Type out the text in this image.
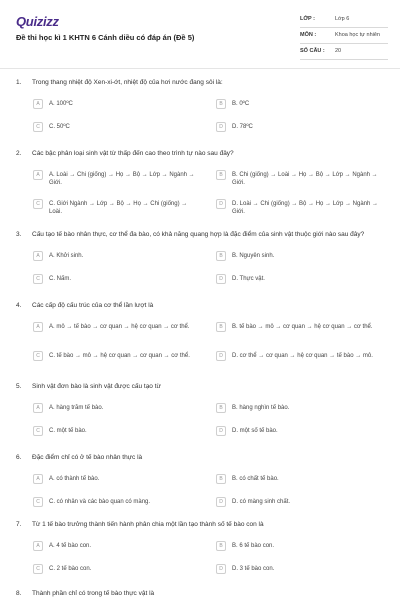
Quizizz
Đề thi học kì 1 KHTN 6 Cánh diều có đáp án (Đề 5)
LỚP :	Lớp 6
MÔN :	Khoa học tự nhiên
SỐ CÂU : 20
1. Trong thang nhiệt độ Xen-xi-ớt, nhiệt độ của hơi nước đang sôi là:
A	A. 100ºC	B	B. 0ºC
C	C. 50ºC	D	D. 78ºC
2. Các bậc phân loại sinh vật từ thấp đến cao theo trình tự nào sau đây?
A	A. Loài → Chi (giống) → Họ → Bộ → Lớp → Ngành → Giới.
B	B. Chi (giống) → Loài → Họ → Bộ → Lớp → Ngành → Giới.
C	C. Giới Ngành → Lớp → Bộ → Họ → Chi (giống) → Loài.
D	D. Loài → Chi (giống) → Bộ → Họ → Lớp → Ngành → Giới.
3. Cấu tạo tế bào nhân thực, cơ thể đa bào, có khả năng quang hợp là đặc điểm của sinh vật thuộc giới nào sau đây?
A	A. Khởi sinh.	B	B. Nguyên sinh.
C	C. Nấm.	D	D. Thực vật.
4. Các cấp độ cấu trúc của cơ thể lần lượt là
A	A. mô → tế bào → cơ quan → hệ cơ quan → cơ thể.	B	B. tế bào → mô → cơ quan → hệ cơ quan → cơ thể.
C	C. tế bào → mô → hệ cơ quan → cơ quan → cơ thể.	D	D. cơ thể → cơ quan → hệ cơ quan → tế bào → mô.
5. Sinh vật đơn bào là sinh vật được cấu tạo từ
A	A. hàng trăm tế bào.	B	B. hàng nghìn tế bào.
C	C. một tế bào.	D	D. một số tế bào.
6. Đặc điểm chỉ có ở tế bào nhân thực là
A	A. có thành tế bào.	B	B. có chất tế bào.
C	C. có nhân và các bào quan có màng.	D	D. có màng sinh chất.
7. Từ 1 tế bào trưởng thành tiến hành phân chia một lần tạo thành số tế bào con là
A	A. 4 tế bào con.	B	B. 6 tế bào con.
C	C. 2 tế bào con.	D	D. 3 tế bào con.
8. Thành phần chỉ có trong tế bào thực vật là
